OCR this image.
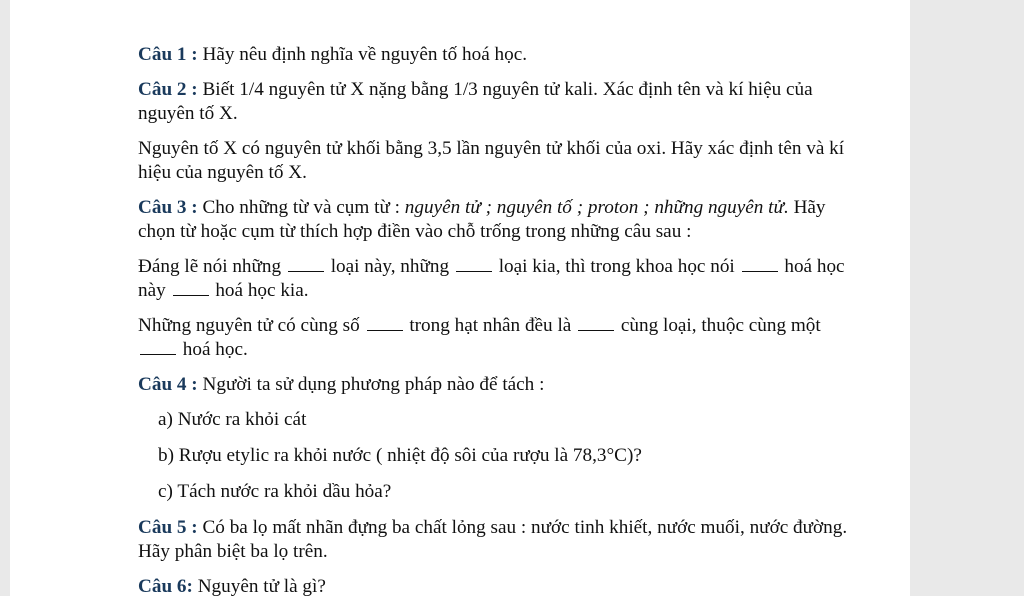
Câu 1 : Hãy nêu định nghĩa về nguyên tố hoá học.

Câu 2 : Biết 1/4 nguyên tử X nặng bằng 1/3 nguyên tử kali. Xác định tên và kí hiệu của nguyên tố X.

Nguyên tố X có nguyên tử khối bằng 3,5 lần nguyên tử khối của oxi. Hãy xác định tên và kí hiệu của nguyên tố X.

Câu 3 : Cho những từ và cụm từ : nguyên tử ; nguyên tố ; proton ; những nguyên tử. Hãy chọn từ hoặc cụm từ thích hợp điền vào chỗ trống trong những câu sau :

Đáng lẽ nói những  loại này, những  loại kia, thì trong khoa học nói  hoá học này  hoá học kia.

Những nguyên tử có cùng số  trong hạt nhân đều là  cùng loại, thuộc cùng một  hoá học.

Câu 4 : Người ta sử dụng phương pháp nào để tách :

a) Nước ra khỏi cát

b) Rượu etylic ra khỏi nước ( nhiệt độ sôi của rượu là 78,3°C)?

c) Tách nước ra khỏi dầu hỏa?

Câu 5 : Có ba lọ mất nhãn đựng ba chất lỏng sau : nước tinh khiết, nước muối, nước đường. Hãy phân biệt ba lọ trên.

Câu 6: Nguyên tử là gì?
